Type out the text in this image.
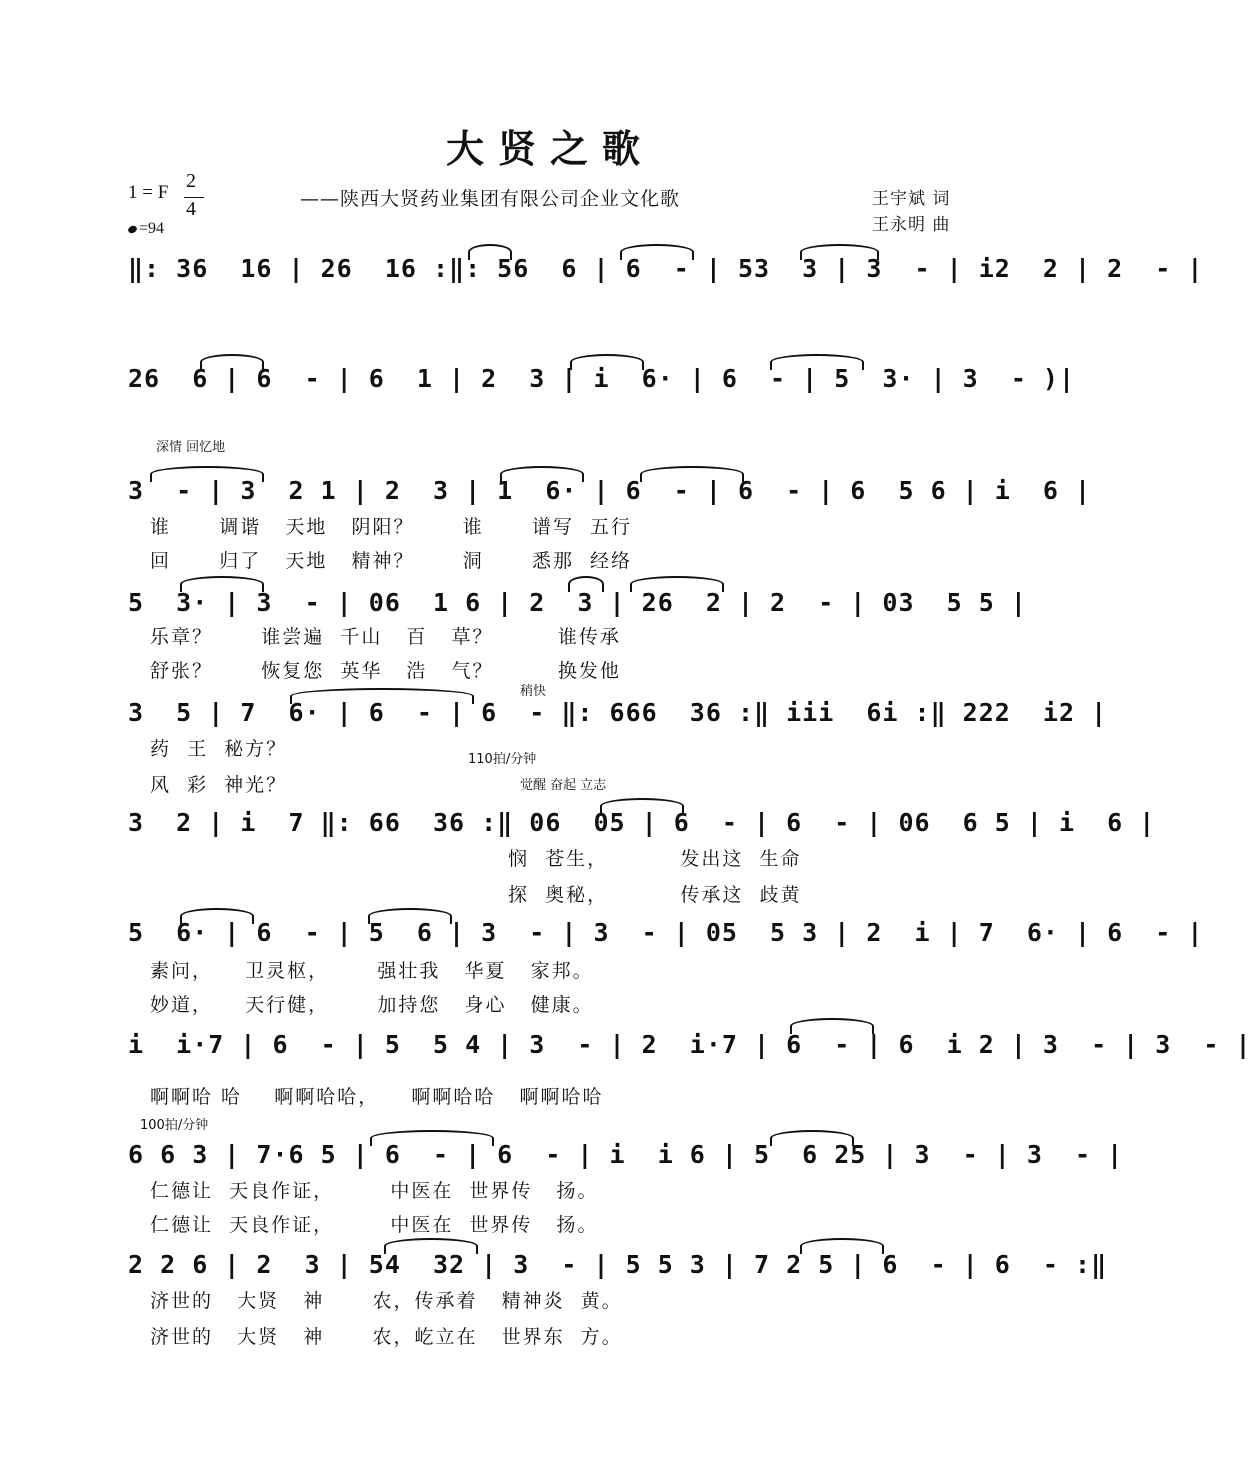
大贤之歌
1 = F
2
4
=94
——陕西大贤药业集团有限公司企业文化歌	王宇斌 词
王永明 曲
‖: 36  16 | 26  16 :‖: 56  6 | 6  - | 53  3 | 3  - | i2  2 | 2  - |
26  6 | 6  - | 6  1 | 2  3 | i  6· | 6  - | 5  3· | 3  - )|
深情 回忆地
3  - | 3  2 1 | 2  3 | 1  6· | 6  - | 6  - | 6  5 6 | i  6 |
谁      调谐   天地   阴阳？      谁      谱写  五行
回      归了   天地   精神？      洞      悉那  经络
5  3· | 3  - | 06  1 6 | 2  3 | 26  2 | 2  - | 03  5 5 |
乐章？      谁尝遍  千山   百   草？        谁传承
舒张？      恢复您  英华   浩   气？        换发他
稍快
3  5 | 7  6· | 6  - | 6  - ‖: 666  36 :‖ iii  6i :‖ 222  i2 |
药  王  秘方？	110拍/分钟
风  彩  神光？	觉醒 奋起 立志
3  2 | i  7 ‖: 66  36 :‖ 06  05 | 6  - | 6  - | 06  6 5 | i  6 |
悯  苍生，         发出这  生命
探  奥秘，         传承这  歧黄
5  6· | 6  - | 5  6 | 3  - | 3  - | 05  5 3 | 2  i | 7  6· | 6  - |
素问，    卫灵枢，      强壮我   华夏   家邦。
妙道，    天行健，      加持您   身心   健康。
i  i·7 | 6  - | 5  5 4 | 3  - | 2  i·7 | 6  - | 6  i 2 | 3  - | 3  - |
啊啊哈 哈    啊啊哈哈，    啊啊哈哈   啊啊哈哈
100拍/分钟
6 6 3 | 7·6 5 | 6  - | 6  - | i  i 6 | 5  6 25 | 3  - | 3  - |
仁德让  天良作证，       中医在  世界传   扬。
仁德让  天良作证，       中医在  世界传   扬。
2 2 6 | 2  3 | 54  32 | 3  - | 5 5 3 | 7 2 5 | 6  - | 6  - :‖
济世的   大贤   神      农，传承着   精神炎  黄。
济世的   大贤   神      农，屹立在   世界东  方。
